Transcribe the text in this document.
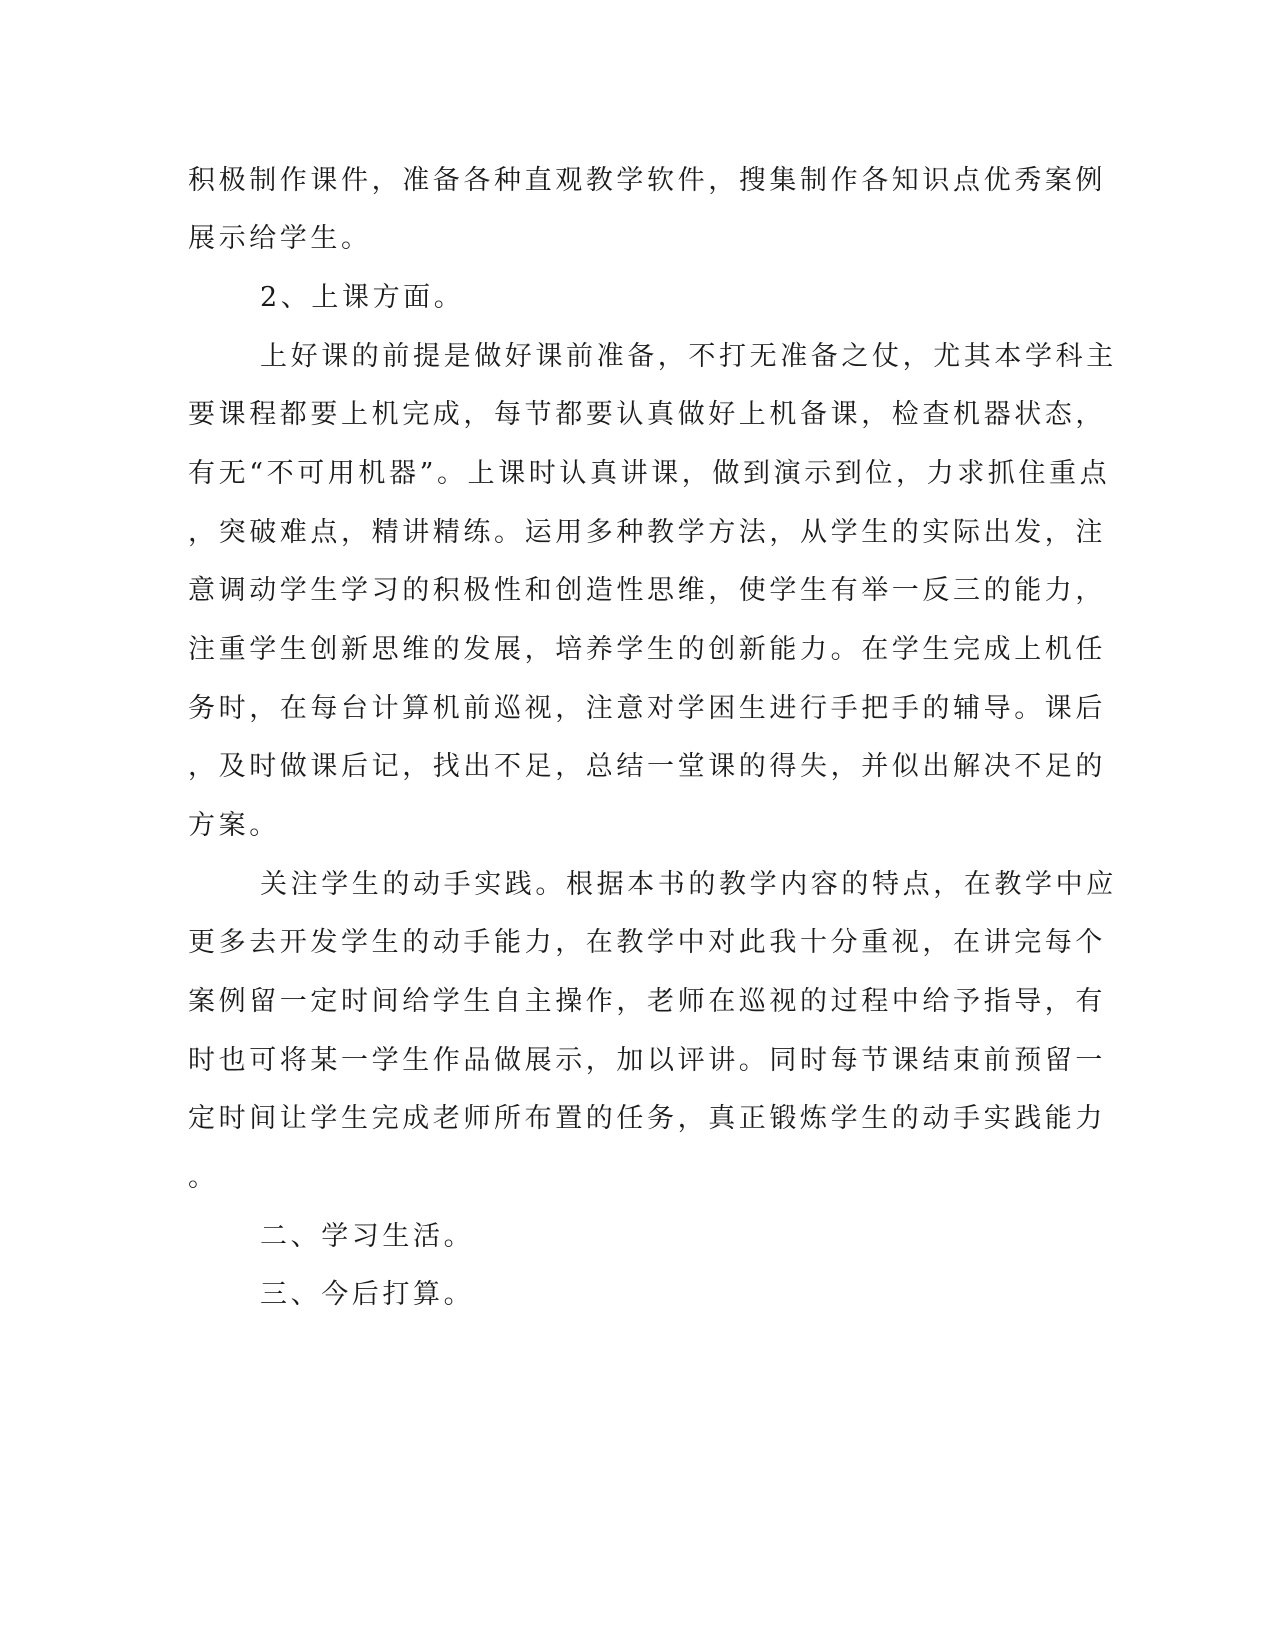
积极制作课件，准备各种直观教学软件，搜集制作各知识点优秀案例
展示给学生。
2、上课方面。
上好课的前提是做好课前准备，不打无准备之仗，尤其本学科主
要课程都要上机完成，每节都要认真做好上机备课，检查机器状态，
有无“不可用机器”。上课时认真讲课，做到演示到位，力求抓住重点
，突破难点，精讲精练。运用多种教学方法，从学生的实际出发，注
意调动学生学习的积极性和创造性思维，使学生有举一反三的能力，
注重学生创新思维的发展，培养学生的创新能力。在学生完成上机任
务时，在每台计算机前巡视，注意对学困生进行手把手的辅导。课后
，及时做课后记，找出不足，总结一堂课的得失，并似出解决不足的
方案。
关注学生的动手实践。根据本书的教学内容的特点，在教学中应
更多去开发学生的动手能力，在教学中对此我十分重视，在讲完每个
案例留一定时间给学生自主操作，老师在巡视的过程中给予指导，有
时也可将某一学生作品做展示，加以评讲。同时每节课结束前预留一
定时间让学生完成老师所布置的任务，真正锻炼学生的动手实践能力
。
二、学习生活。
三、今后打算。
